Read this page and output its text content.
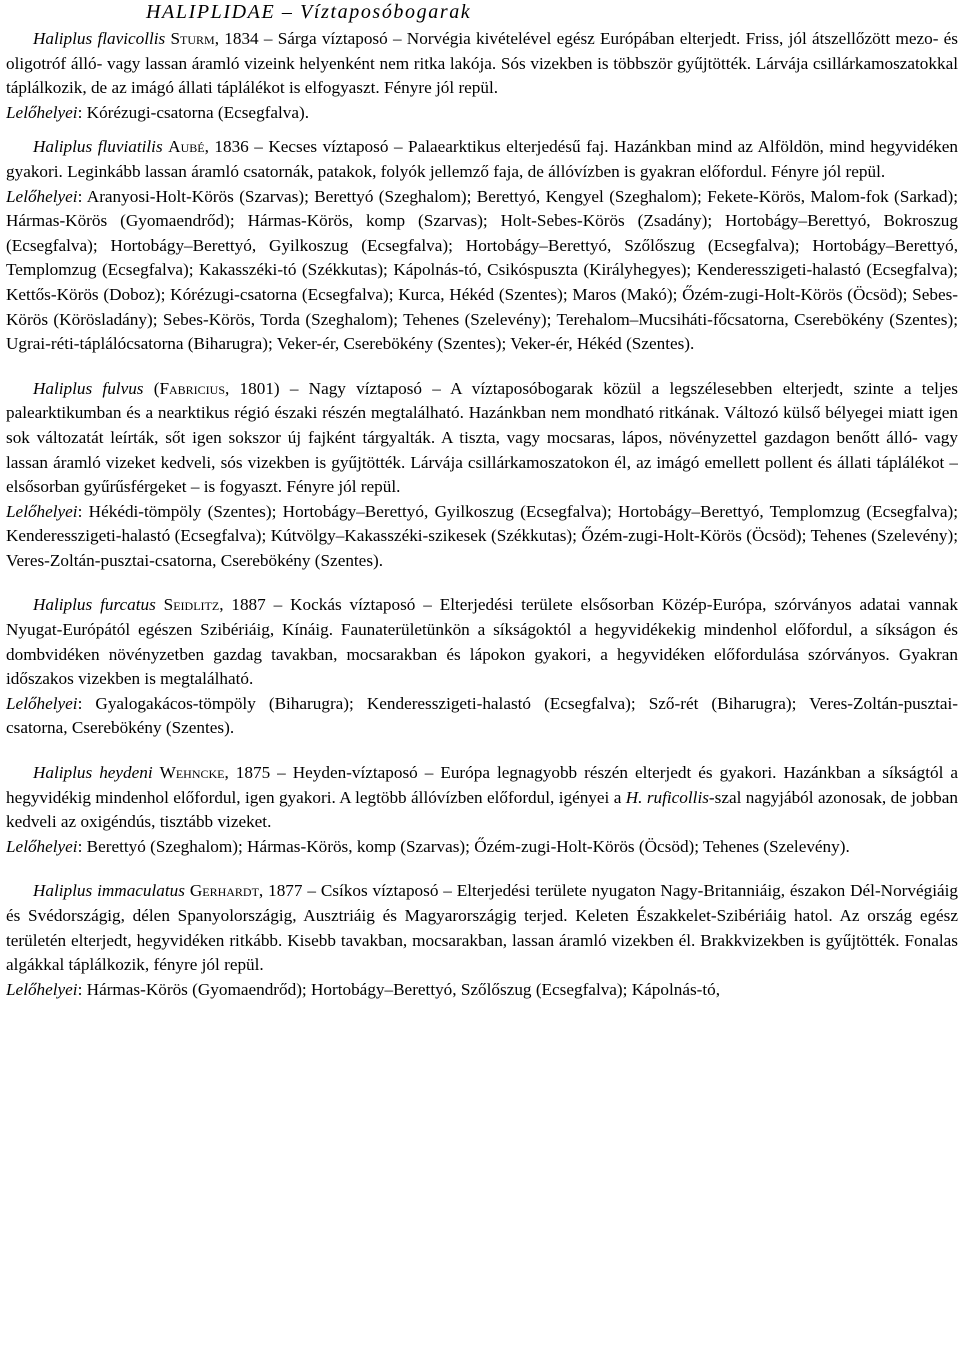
HALIPLIDAE – Víztaposóbogarak

Haliplus flavicollis Sturm, 1834 – Sárga víztaposó – Norvégia kivételével egész Európában elterjedt. Friss, jól átszellőzött mezo- és oligotróf álló- vagy lassan áramló vizeink helyenként nem ritka lakója. Sós vizekben is többször gyűjtötték. Lárvája csillárkamoszatokkal táplálkozik, de az imágó állati táplálékot is elfogyaszt. Fényre jól repül.

Lelőhelyei: Kórézugi-csatorna (Ecsegfalva).

Haliplus fluviatilis Aubé, 1836 – Kecses víztaposó – Palaearktikus elterjedésű faj. Hazánkban mind az Alföldön, mind hegyvidéken gyakori. Leginkább lassan áramló csatornák, patakok, folyók jellemző faja, de állóvízben is gyakran előfordul. Fényre jól repül.

Lelőhelyei: Aranyosi-Holt-Körös (Szarvas); Berettyó (Szeghalom); Berettyó, Kengyel (Szeghalom); Fekete-Körös, Malom-fok (Sarkad); Hármas-Körös (Gyomaendrőd); Hármas-Körös, komp (Szarvas); Holt-Sebes-Körös (Zsadány); Hortobágy–Berettyó, Bokroszug (Ecsegfalva); Hortobágy–Berettyó, Gyilkoszug (Ecsegfalva); Hortobágy–Berettyó, Szőlőszug (Ecsegfalva); Hortobágy–Berettyó, Templomzug (Ecsegfalva); Kakasszéki-tó (Székkutas); Kápolnás-tó, Csikóspuszta (Királyhegyes); Kenderesszigeti-halastó (Ecsegfalva); Kettős-Körös (Doboz); Kórézugi-csatorna (Ecsegfalva); Kurca, Hékéd (Szentes); Maros (Makó); Őzém-zugi-Holt-Körös (Öcsöd); Sebes-Körös (Körösladány); Sebes-Körös, Torda (Szeghalom); Tehenes (Szelevény); Terehalom–Mucsiháti-főcsatorna, Cserebökény (Szentes); Ugrai-réti-táplálócsatorna (Biharugra); Veker-ér, Cserebökény (Szentes); Veker-ér, Hékéd (Szentes).

Haliplus fulvus (Fabricius, 1801) – Nagy víztaposó – A víztaposóbogarak közül a legszélesebben elterjedt, szinte a teljes palearktikumban és a nearktikus régió északi részén megtalálható. Hazánkban nem mondható ritkának. Változó külső bélyegei miatt igen sok változatát leírták, sőt igen sokszor új fajként tárgyalták. A tiszta, vagy mocsaras, lápos, növényzettel gazdagon benőtt álló- vagy lassan áramló vizeket kedveli, sós vizekben is gyűjtötték. Lárvája csillárkamoszatokon él, az imágó emellett pollent és állati táplálékot – elsősorban gyűrűsférgeket – is fogyaszt. Fényre jól repül.

Lelőhelyei: Hékédi-tömpöly (Szentes); Hortobágy–Berettyó, Gyilkoszug (Ecsegfalva); Hortobágy–Berettyó, Templomzug (Ecsegfalva); Kenderesszigeti-halastó (Ecsegfalva); Kútvölgy–Kakasszéki-szikesek (Székkutas); Őzém-zugi-Holt-Körös (Öcsöd); Tehenes (Szelevény); Veres-Zoltán-pusztai-csatorna, Cserebökény (Szentes).

Haliplus furcatus Seidlitz, 1887 – Kockás víztaposó – Elterjedési területe elsősorban Közép-Európa, szórványos adatai vannak Nyugat-Európától egészen Szibériáig, Kínáig. Faunaterületünkön a síkságoktól a hegyvidékekig mindenhol előfordul, a síkságon és dombvidéken növényzetben gazdag tavakban, mocsarakban és lápokon gyakori, a hegyvidéken előfordulása szórványos. Gyakran időszakos vizekben is megtalálható.

Lelőhelyei: Gyalogakácos-tömpöly (Biharugra); Kenderesszigeti-halastó (Ecsegfalva); Sző-rét (Biharugra); Veres-Zoltán-pusztai-csatorna, Cserebökény (Szentes).

Haliplus heydeni Wehncke, 1875 – Heyden-víztaposó – Európa legnagyobb részén elterjedt és gyakori. Hazánkban a síkságtól a hegyvidékig mindenhol előfordul, igen gyakori. A legtöbb állóvízben előfordul, igényei a H. ruficollis-szal nagyjából azonosak, de jobban kedveli az oxigéndús, tisztább vizeket.

Lelőhelyei: Berettyó (Szeghalom); Hármas-Körös, komp (Szarvas); Őzém-zugi-Holt-Körös (Öcsöd); Tehenes (Szelevény).

Haliplus immaculatus Gerhardt, 1877 – Csíkos víztaposó – Elterjedési területe nyugaton Nagy-Britanniáig, északon Dél-Norvégiáig és Svédországig, délen Spanyolországig, Ausztriáig és Magyarországig terjed. Keleten Északkelet-Szibériáig hatol. Az ország egész területén elterjedt, hegyvidéken ritkább. Kisebb tavakban, mocsarakban, lassan áramló vizekben él. Brakkvizekben is gyűjtötték. Fonalas algákkal táplálkozik, fényre jól repül.

Lelőhelyei: Hármas-Körös (Gyomaendrőd); Hortobágy–Berettyó, Szőlőszug (Ecsegfalva); Kápolnás-tó,
